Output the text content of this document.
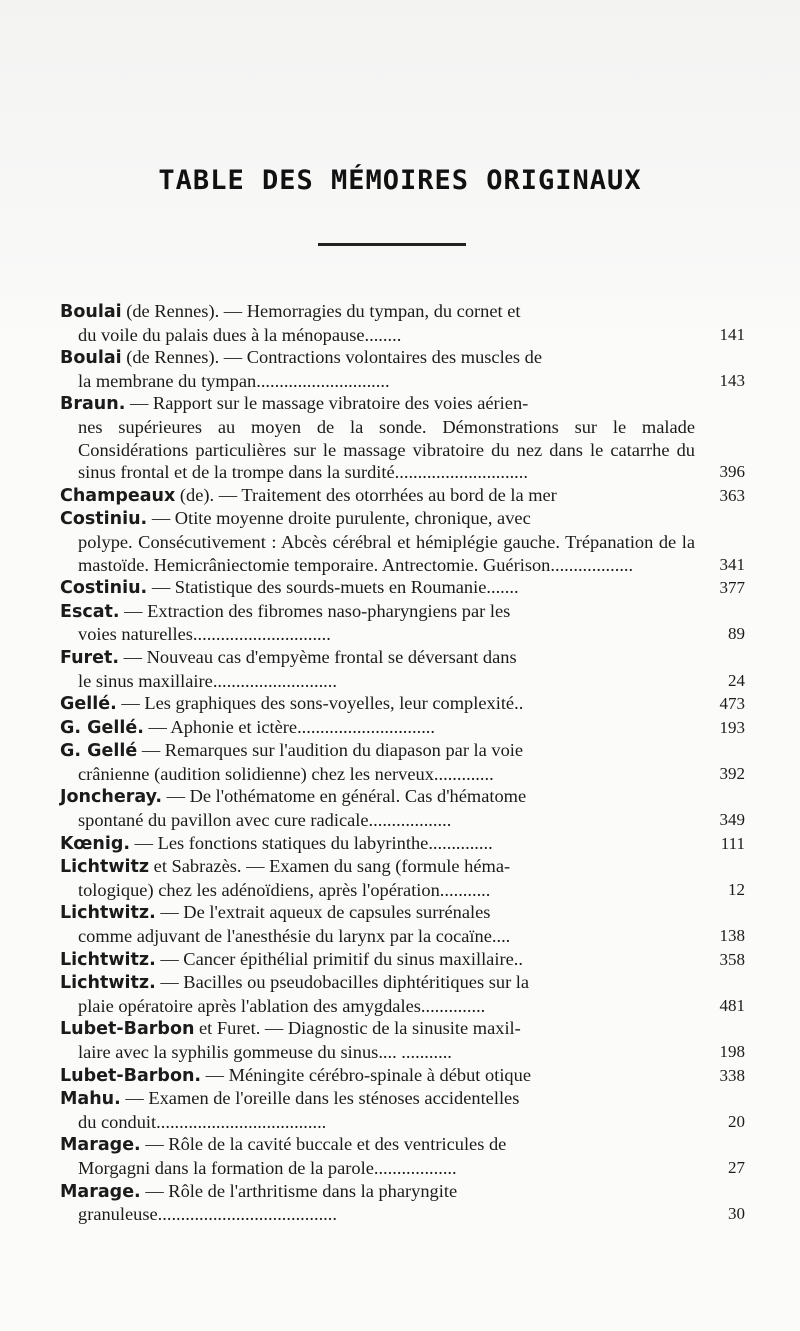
TABLE DES MÉMOIRES ORIGINAUX
Boulai (de Rennes). — Hemorragies du tympan, du cornet et
du voile du palais dues à la ménopause........	141
Boulai (de Rennes). — Contractions volontaires des muscles de
la membrane du tympan.............................	143
Braun. — Rapport sur le massage vibratoire des voies aérien-
nes supérieures au moyen de la sonde. Démonstrations sur le malade Considérations particulières sur le massage vibratoire du nez dans le catarrhe du sinus frontal et de la trompe dans la surdité.............................	396
Champeaux (de). — Traitement des otorrhées au bord de la mer	363
Costiniu. — Otite moyenne droite purulente, chronique, avec
polype. Consécutivement : Abcès cérébral et hémiplégie gauche. Trépanation de la mastoïde. Hemicrâniectomie temporaire. Antrectomie. Guérison..................	341
Costiniu. — Statistique des sourds-muets en Roumanie.......	377
Escat. — Extraction des fibromes naso-pharyngiens par les
voies naturelles..............................	89
Furet. — Nouveau cas d'empyème frontal se déversant dans
le sinus maxillaire...........................	24
Gellé. — Les graphiques des sons-voyelles, leur complexité..	473
G. Gellé. — Aphonie et ictère..............................	193
G. Gellé — Remarques sur l'audition du diapason par la voie
crânienne (audition solidienne) chez les nerveux.............	392
Joncheray. — De l'othématome en général. Cas d'hématome
spontané du pavillon avec cure radicale..................	349
Kœnig. — Les fonctions statiques du labyrinthe..............	111
Lichtwitz et Sabrazès. — Examen du sang (formule héma-
tologique) chez les adénoïdiens, après l'opération...........	12
Lichtwitz. — De l'extrait aqueux de capsules surrénales
comme adjuvant de l'anesthésie du larynx par la cocaïne....	138
Lichtwitz. — Cancer épithélial primitif du sinus maxillaire..	358
Lichtwitz. — Bacilles ou pseudobacilles diphtéritiques sur la
plaie opératoire après l'ablation des amygdales..............	481
Lubet-Barbon et Furet. — Diagnostic de la sinusite maxil-
laire avec la syphilis gommeuse du sinus.... ...........	198
Lubet-Barbon. — Méningite cérébro-spinale à début otique	338
Mahu. — Examen de l'oreille dans les sténoses accidentelles
du conduit.....................................	20
Marage. — Rôle de la cavité buccale et des ventricules de
Morgagni dans la formation de la parole..................	27
Marage. — Rôle de l'arthritisme dans la pharyngite
granuleuse.......................................	30
